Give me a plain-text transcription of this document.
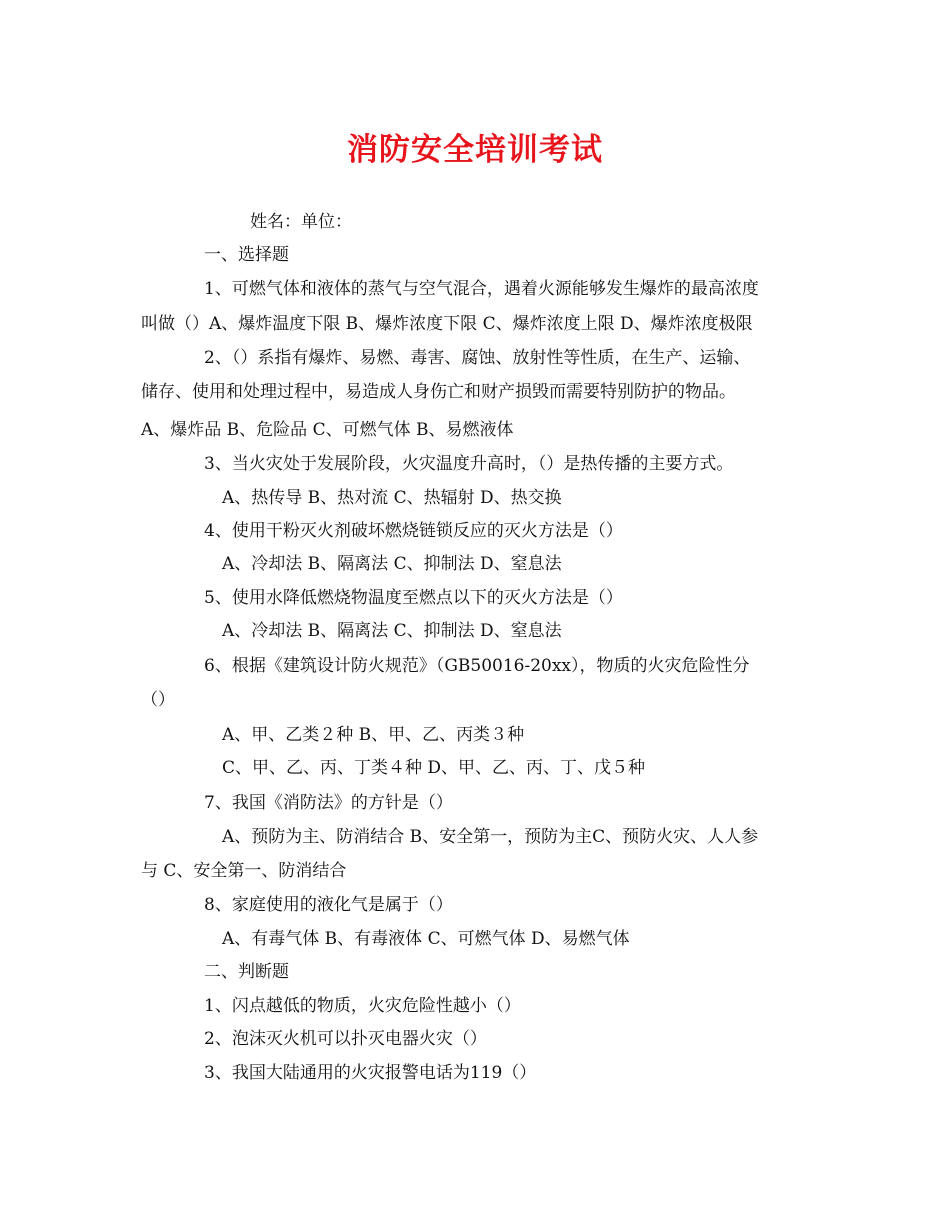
消防安全培训考试
姓名：单位：
一、选择题
1、可燃气体和液体的蒸气与空气混合，遇着火源能够发生爆炸的最高浓度
叫做（）A、爆炸温度下限 B、爆炸浓度下限 C、爆炸浓度上限 D、爆炸浓度极限
2、（）系指有爆炸、易燃、毒害、腐蚀、放射性等性质，在生产、运输、
储存、使用和处理过程中，易造成人身伤亡和财产损毁而需要特别防护的物品。
A、爆炸品 B、危险品 C、可燃气体 B、易燃液体
3、当火灾处于发展阶段，火灾温度升高时，（）是热传播的主要方式。
A、热传导 B、热对流 C、热辐射 D、热交换
4、使用干粉灭火剂破坏燃烧链锁反应的灭火方法是（）
A、冷却法 B、隔离法 C、抑制法 D、窒息法
5、使用水降低燃烧物温度至燃点以下的灭火方法是（）
A、冷却法 B、隔离法 C、抑制法 D、窒息法
6、根据《建筑设计防火规范》（GB50016-20xx），物质的火灾危险性分
（）
A、甲、乙类２种 B、甲、乙、丙类３种
C、甲、乙、丙、丁类４种 D、甲、乙、丙、丁、戊５种
7、我国《消防法》的方针是（）
A、预防为主、防消结合 B、安全第一，预防为主C、预防火灾、人人参
与 C、安全第一、防消结合
8、家庭使用的液化气是属于（）
A、有毒气体 B、有毒液体 C、可燃气体 D、易燃气体
二、判断题
1、闪点越低的物质，火灾危险性越小（）
2、泡沫灭火机可以扑灭电器火灾（）
3、我国大陆通用的火灾报警电话为119（）
